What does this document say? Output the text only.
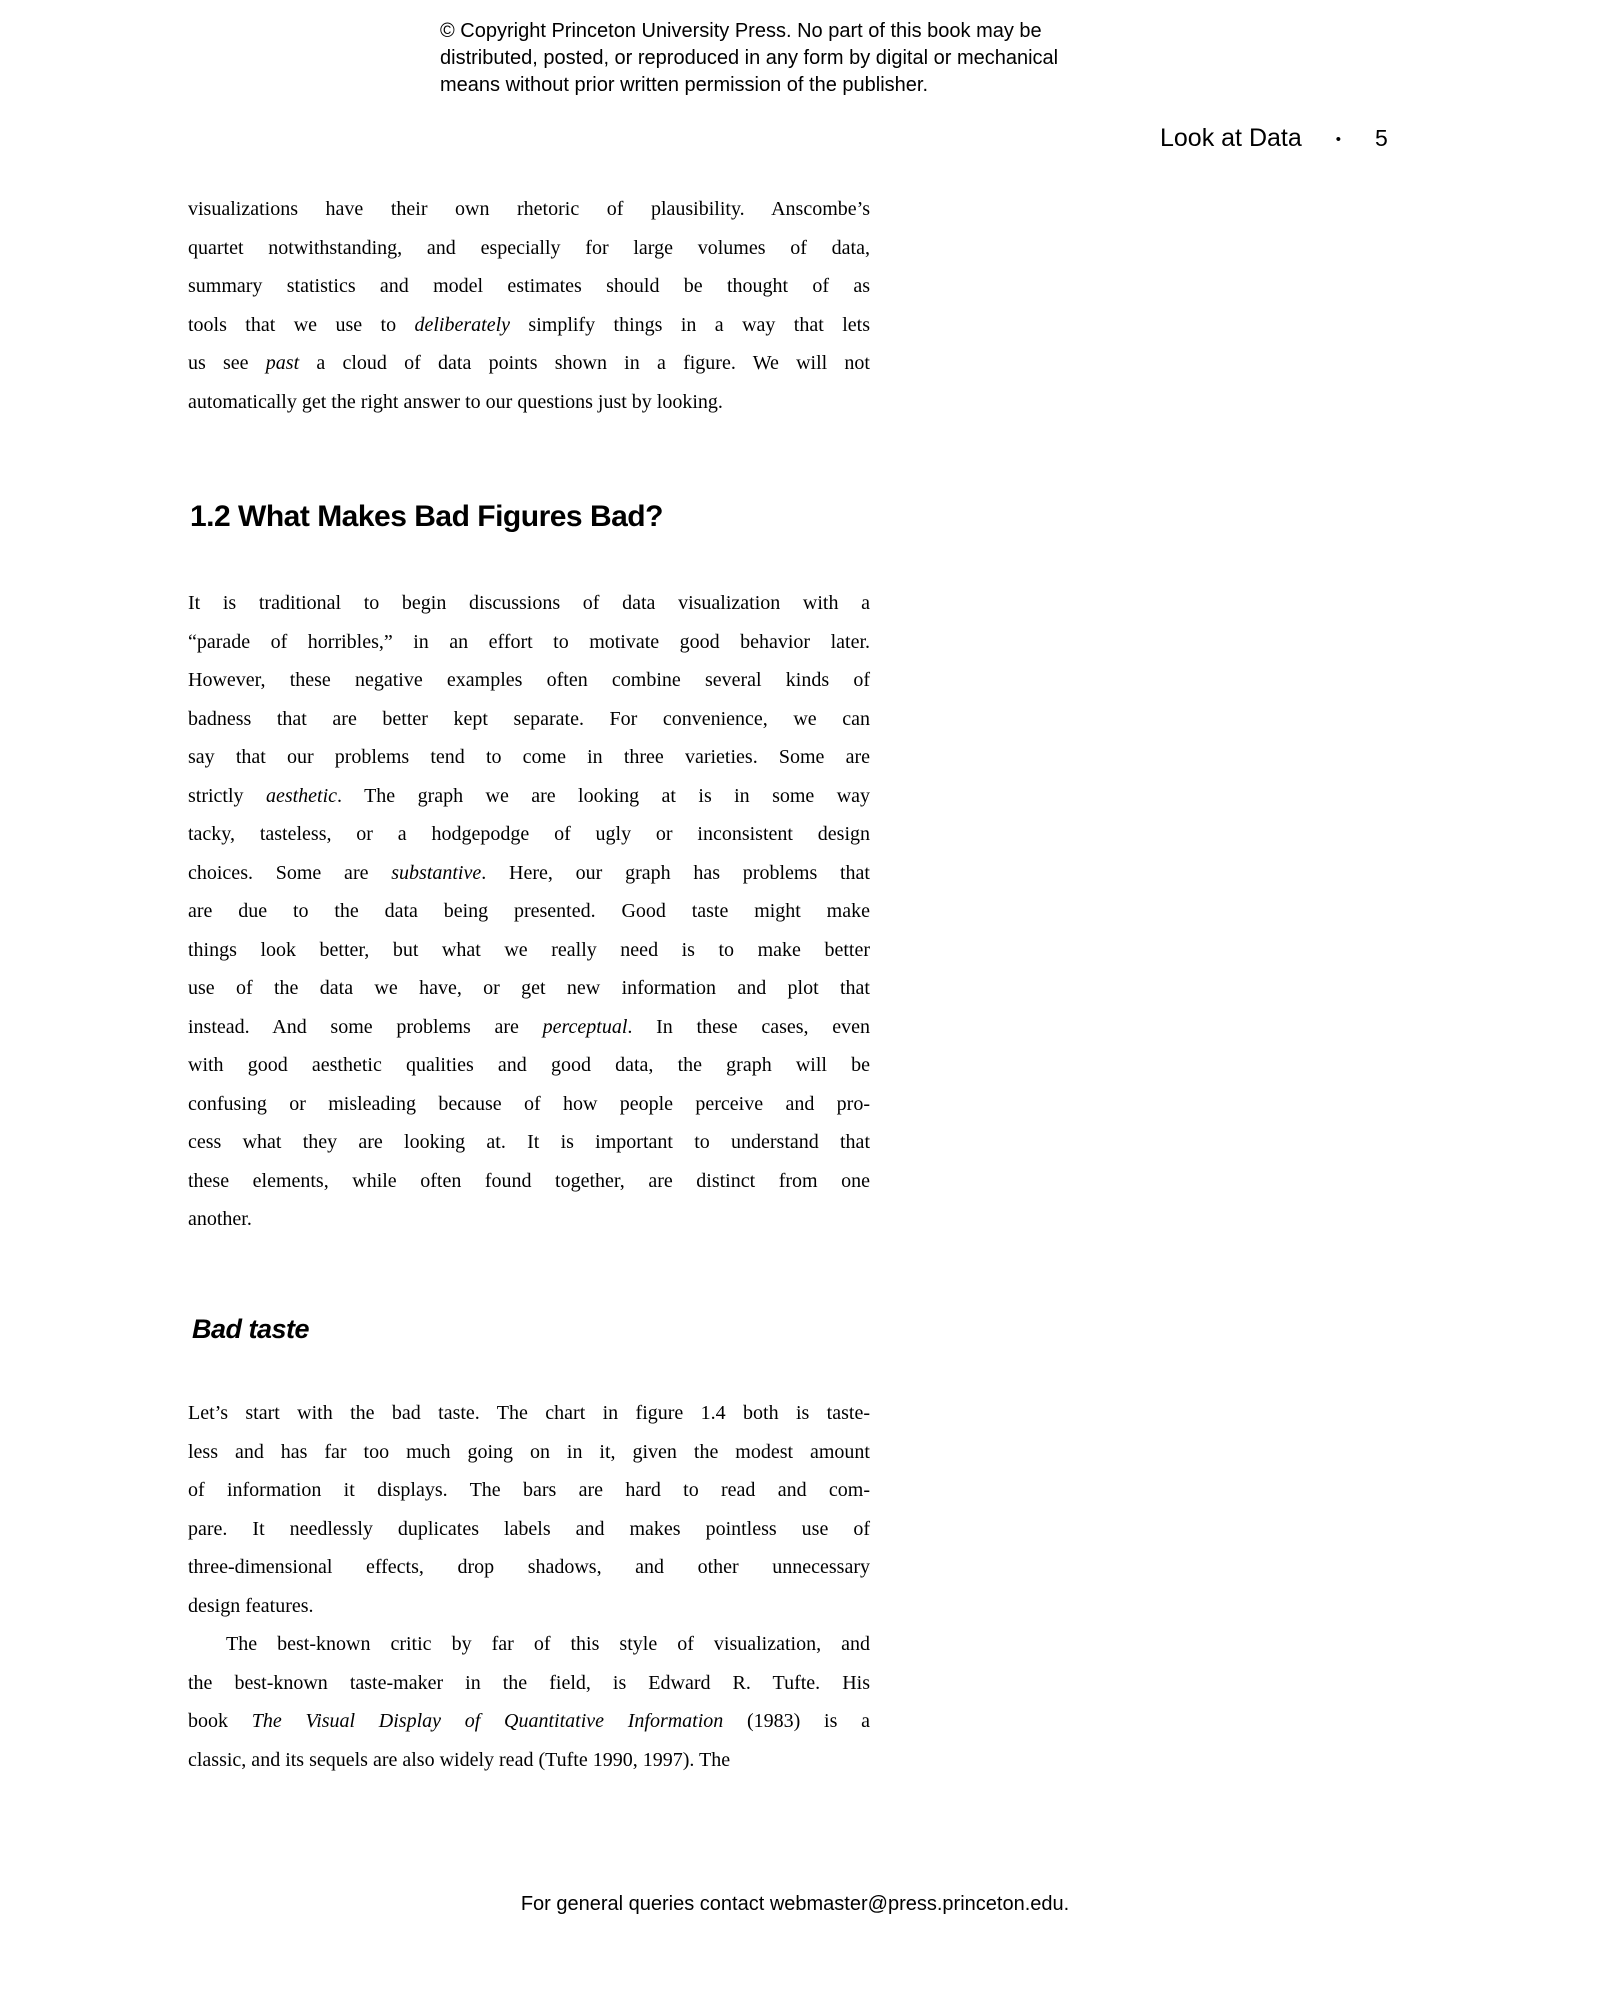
© Copyright Princeton University Press. No part of this book may be
distributed, posted, or reproduced in any form by digital or mechanical
means without prior written permission of the publisher.
Look at Data • 5
1.2 What Makes Bad Figures Bad?
Bad taste
visualizations have their own rhetoric of plausibility. Anscombe’s
quartet notwithstanding, and especially for large volumes of data,
summary statistics and model estimates should be thought of as
tools that we use to deliberately simplify things in a way that lets
us see past a cloud of data points shown in a figure. We will not
automatically get the right answer to our questions just by looking.
It is traditional to begin discussions of data visualization with a
“parade of horribles,” in an effort to motivate good behavior later.
However, these negative examples often combine several kinds of
badness that are better kept separate. For convenience, we can
say that our problems tend to come in three varieties. Some are
strictly aesthetic. The graph we are looking at is in some way
tacky, tasteless, or a hodgepodge of ugly or inconsistent design
choices. Some are substantive. Here, our graph has problems that
are due to the data being presented. Good taste might make
things look better, but what we really need is to make better
use of the data we have, or get new information and plot that
instead. And some problems are perceptual. In these cases, even
with good aesthetic qualities and good data, the graph will be
confusing or misleading because of how people perceive and pro-
cess what they are looking at. It is important to understand that
these elements, while often found together, are distinct from one
another.
Let’s start with the bad taste. The chart in figure 1.4 both is taste-
less and has far too much going on in it, given the modest amount
of information it displays. The bars are hard to read and com-
pare. It needlessly duplicates labels and makes pointless use of
three-dimensional effects, drop shadows, and other unnecessary
design features.
The best-known critic by far of this style of visualization, and
the best-known taste-maker in the field, is Edward R. Tufte. His
book The Visual Display of Quantitative Information (1983) is a
classic, and its sequels are also widely read (Tufte 1990, 1997). The
For general queries contact webmaster@press.princeton.edu.
